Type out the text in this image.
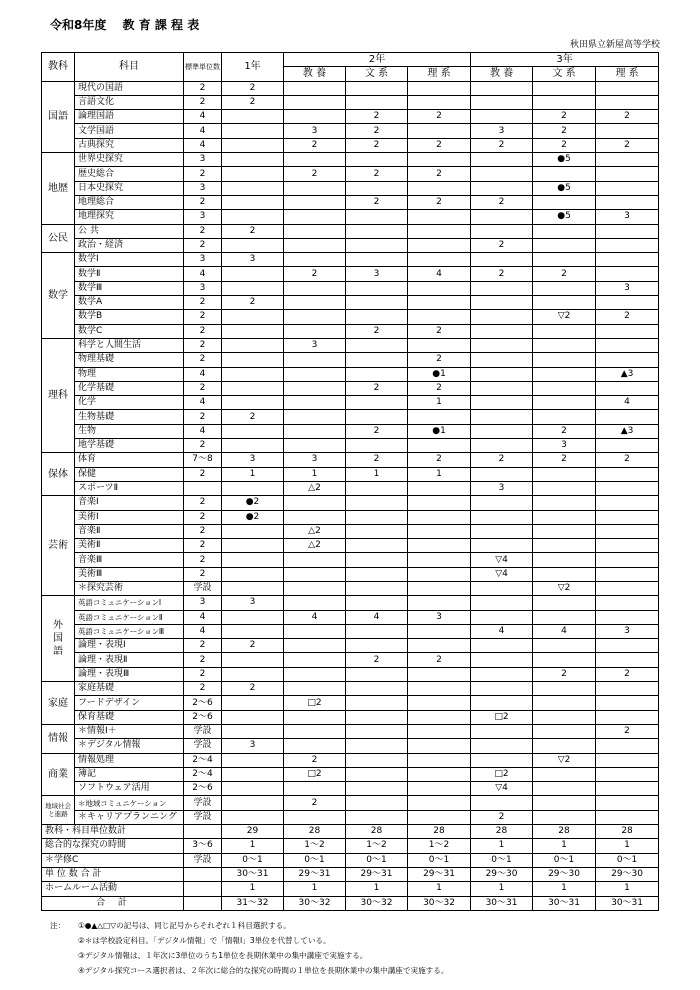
令和8年度　 教 育 課 程 表
秋田県立新屋高等学校
教科	科目	標準単位数	1年	2年			3年		
				教 養	文 系	理 系	教 養	文 系	理 系
国語	現代の国語	2	2						
	言語文化	2	2						
	論理国語	4			2	2		2	2
	文学国語	4		3	2		3	2	
	古典探究	4		2	2	2	2	2	2
地歴	世界史探究	3						●5	
	歴史総合	2		2	2	2			
	日本史探究	3						●5	
	地理総合	2			2	2	2		
	地理探究	3						●5	3
公民	公 共	2	2						
	政治・経済	2					2		
数学	数学Ⅰ	3	3						
	数学Ⅱ	4		2	3	4	2	2	
	数学Ⅲ	3							3
	数学A	2	2						
	数学B	2						▽2	2
	数学C	2			2	2			
理科	科学と人間生活	2		3					
	物理基礎	2				2			
	物理	4				●1			▲3
	化学基礎	2			2	2			
	化学	4				1			4
	生物基礎	2	2						
	生物	4			2	●1		2	▲3
	地学基礎	2						3	
保体	体育	7～8	3	3	2	2	2	2	2
	保健	2	1	1	1	1			
	スポーツⅡ			△2			3		
芸術	音楽Ⅰ	2	●2						
	美術Ⅰ	2	●2						
	音楽Ⅱ	2		△2					
	美術Ⅱ	2		△2					
	音楽Ⅲ	2					▽4		
	美術Ⅲ	2					▽4		
	＊探究芸術	学設						▽2	
外国語	英語コミュニケーションⅠ	3	3						
	英語コミュニケーションⅡ	4		4	4	3			
	英語コミュニケーションⅢ	4					4	4	3
	論理・表現Ⅰ	2	2						
	論理・表現Ⅱ	2			2	2			
	論理・表現Ⅲ	2						2	2
家庭	家庭基礎	2	2						
	フードデザイン	2～6		□2					
	保育基礎	2～6					□2		
情報	＊情報Ⅰ＋	学設							2
	＊デジタル情報	学設	3						
商業	情報処理	2～4		2				▽2	
	簿記	2～4		□2			□2		
	ソフトウェア活用	2～6					▽4		
地域社会と進路	＊地域コミュニケーション	学設		2					
	＊キャリアプランニング	学設					2		
教科・科目単位数計			29	28	28	28	28	28	28
総合的な探究の時間		3～6	1	1～2	1～2	1～2	1	1	1
＊学修C		学設	0～1	0～1	0～1	0～1	0～1	0～1	0～1
単 位 数 合 計			30～31	29～31	29～31	29～31	29～30	29～30	29～30
ホームルーム活動			1	1	1	1	1	1	1
合 計			31～32	30～32	30～32	30～32	30～31	30～31	30～31
注： ①●▲△□▽の記号は、同じ記号からそれぞれ１科目選択する。
②＊は学校設定科目。「デジタル情報」で「情報Ⅰ」3単位を代替している。
③デジタル情報は、１年次に3単位のうち1単位を長期休業中の集中講座で実施する。
④デジタル探究コース選択者は、２年次に総合的な探究の時間の１単位を長期休業中の集中講座で実施する。
